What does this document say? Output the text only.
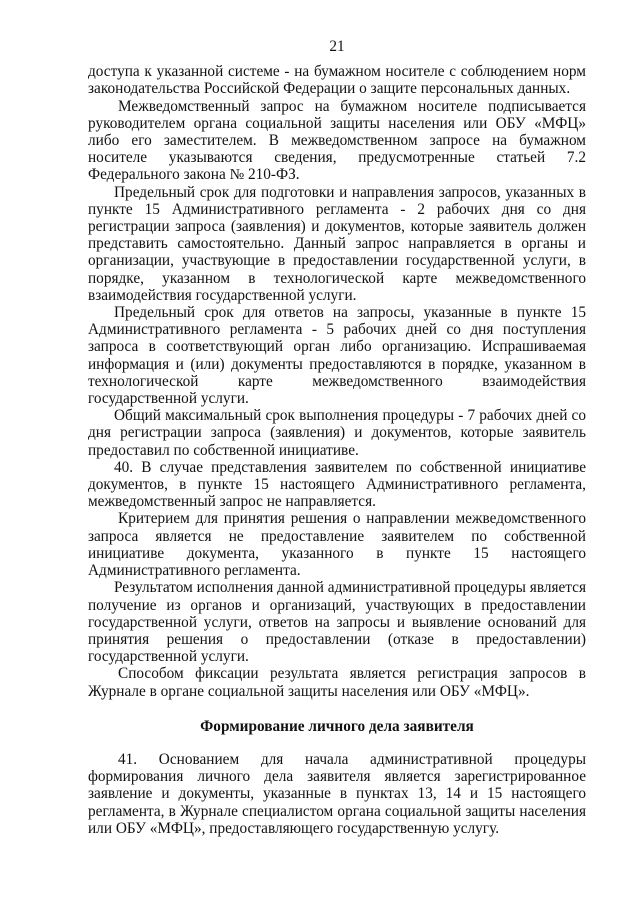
21

доступа к указанной системе - на бумажном носителе с соблюдением норм законодательства Российской Федерации о защите персональных данных.

Межведомственный запрос на бумажном носителе подписывается руководителем органа социальной защиты населения или ОБУ «МФЦ» либо его заместителем. В межведомственном запросе на бумажном носителе указываются сведения, предусмотренные статьей 7.2 Федерального закона № 210-ФЗ.

Предельный срок для подготовки и направления запросов, указанных в пункте 15 Административного регламента - 2 рабочих дня со дня регистрации запроса (заявления) и документов, которые заявитель должен представить самостоятельно. Данный запрос направляется в органы и организации, участвующие в предоставлении государственной услуги, в порядке, указанном в технологической карте межведомственного взаимодействия государственной услуги.

Предельный срок для ответов на запросы, указанные в пункте 15 Административного регламента - 5 рабочих дней со дня поступления запроса в соответствующий орган либо организацию. Испрашиваемая информация и (или) документы предоставляются в порядке, указанном в технологической карте межведомственного взаимодействия государственной услуги.

Общий максимальный срок выполнения процедуры - 7 рабочих дней со дня регистрации запроса (заявления) и документов, которые заявитель предоставил по собственной инициативе.

40. В случае представления заявителем по собственной инициативе документов, в пункте 15 настоящего Административного регламента, межведомственный запрос не направляется.

Критерием для принятия решения о направлении межведомственного запроса является не предоставление заявителем по собственной инициативе документа, указанного в пункте 15 настоящего Административного регламента.

Результатом исполнения данной административной процедуры является получение из органов и организаций, участвующих в предоставлении государственной услуги, ответов на запросы и выявление оснований для принятия решения о предоставлении (отказе в предоставлении) государственной услуги.

Способом фиксации результата является регистрация запросов в Журнале в органе социальной защиты населения или ОБУ «МФЦ».

Формирование личного дела заявителя

41. Основанием для начала административной процедуры формирования личного дела заявителя является зарегистрированное заявление и документы, указанные в пунктах 13, 14 и 15 настоящего регламента, в Журнале специалистом органа социальной защиты населения или ОБУ «МФЦ», предоставляющего государственную услугу.
